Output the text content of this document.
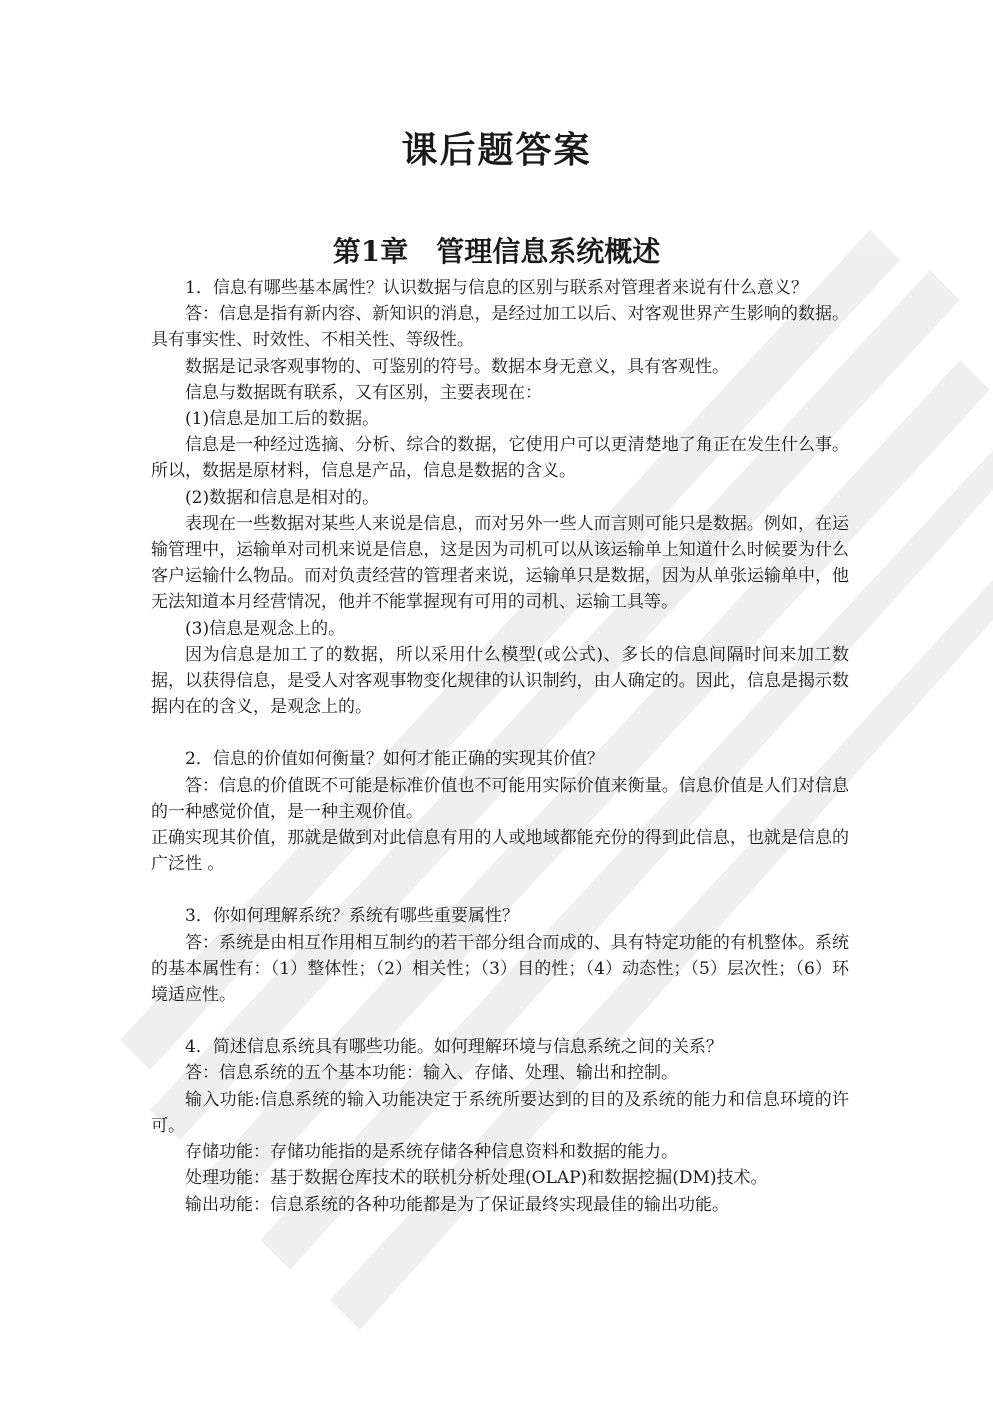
课后题答案
第1章　管理信息系统概述

1．信息有哪些基本属性？认识数据与信息的区别与联系对管理者来说有什么意义？

答：信息是指有新内容、新知识的消息，是经过加工以后、对客观世界产生影响的数据。具有事实性、时效性、不相关性、等级性。

数据是记录客观事物的、可鉴别的符号。数据本身无意义，具有客观性。

信息与数据既有联系，又有区别，主要表现在：

(1)信息是加工后的数据。

信息是一种经过选摘、分析、综合的数据，它使用户可以更清楚地了角正在发生什么事。所以，数据是原材料，信息是产品，信息是数据的含义。

(2)数据和信息是相对的。

表现在一些数据对某些人来说是信息，而对另外一些人而言则可能只是数据。例如，在运输管理中，运输单对司机来说是信息，这是因为司机可以从该运输单上知道什么时候要为什么客户运输什么物品。而对负责经营的管理者来说，运输单只是数据，因为从单张运输单中，他无法知道本月经营情况，他并不能掌握现有可用的司机、运输工具等。

(3)信息是观念上的。

因为信息是加工了的数据，所以采用什么模型(或公式)、多长的信息间隔时间来加工数据，以获得信息，是受人对客观事物变化规律的认识制约，由人确定的。因此，信息是揭示数据内在的含义，是观念上的。

2．信息的价值如何衡量？如何才能正确的实现其价值？

答：信息的价值既不可能是标准价值也不可能用实际价值来衡量。信息价值是人们对信息的一种感觉价值，是一种主观价值。

正确实现其价值，那就是做到对此信息有用的人或地域都能充份的得到此信息，也就是信息的广泛性 。

3．你如何理解系统？系统有哪些重要属性？

答：系统是由相互作用相互制约的若干部分组合而成的、具有特定功能的有机整体。系统的基本属性有：（1）整体性；（2）相关性；（3）目的性；（4）动态性；（5）层次性；（6）环境适应性。

4．简述信息系统具有哪些功能。如何理解环境与信息系统之间的关系？

答：信息系统的五个基本功能：输入、存储、处理、输出和控制。

输入功能:信息系统的输入功能决定于系统所要达到的目的及系统的能力和信息环境的许可。

存储功能：存储功能指的是系统存储各种信息资料和数据的能力。

处理功能：基于数据仓库技术的联机分析处理(OLAP)和数据挖掘(DM)技术。

输出功能：信息系统的各种功能都是为了保证最终实现最佳的输出功能。
